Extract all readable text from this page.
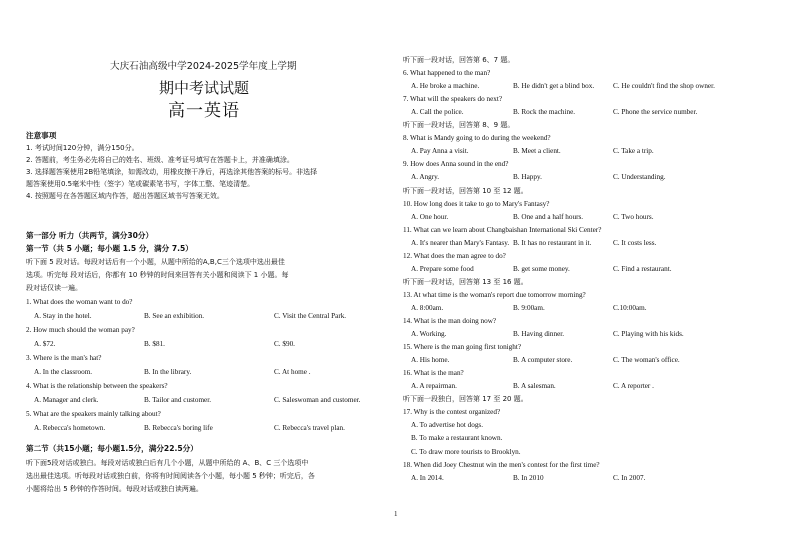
大庆石油高级中学2024-2025学年度上学期
期中考试试题
高一英语
注意事项
1. 考试时间120分钟，满分150分。
2. 答题前，考生务必先将自己的姓名、班级、准考证号填写在答题卡上，并准确填涂。
3. 选择题答案使用2B铅笔填涂，如需改动，用橡皮擦干净后，再选涂其他答案的标号。非选择
题答案使用0.5毫米中性（签字）笔或碳素笔书写，字体工整、笔迹清楚。
4. 按照题号在各答题区域内作答，超出答题区域书写答案无效。
第一部分 听力（共两节，满分30分）
第一节（共 5 小题；每小题 1.5 分，满分 7.5）
听下面 5 段对话。每段对话后有一个小题，从题中所给的A,B,C三个选项中选出最佳
选项。听完每 段对话后，你都有 10 秒钟的时间来回答有关小题和阅读下 1 小题。每
段对话仅读一遍。
1. What does the woman want to do?
A. Stay in the hotel.	B. See an exhibition.	C. Visit the Central Park.
2. How much should the woman pay?
A. $72.	B. $81.	C. $90.
3. Where is the man's hat?
A. In the classroom.	B. In the library.	C. At home .
4. What is the relationship between the speakers?
A. Manager and clerk.	B. Tailor and customer.	C. Saleswoman and customer.
5. What are the speakers mainly talking about?
A. Rebecca's hometown.	B. Rebecca's boring life	C. Rebecca's travel plan.
第二节（共15小题；每小题1.5分，满分22.5分）
听下面5段对话或独白。每段对话或独白后有几个小题，从题中所给的 A、B、C 三个选项中
选出最佳选项。听每段对话或独白前，你将有时间阅读各个小题，每小题 5 秒钟；听完后，各
小题将给出 5 秒钟的作答时间。每段对话或独白读两遍。
听下面一段对话，回答第 6、7 题。
6. What happened to the man?
A. He broke a machine.	B. He didn't get a blind box.	C. He couldn't find the shop owner.
7. What will the speakers do next?
A. Call the police.	B. Rock the machine.	C. Phone the service number.
听下面一段对话，回答第 8、9 题。
8. What is Mandy going to do during the weekend?
A. Pay Anna a visit.	B. Meet a client.	C. Take a trip.
9. How does Anna sound in the end?
A. Angry.	B. Happy.	C. Understanding.
听下面一段对话，回答第 10 至 12 题。
10. How long does it take to go to Mary's Fantasy?
A. One hour.	B. One and a half hours.	C. Two hours.
11. What can we learn about Changbaishan International Ski Center?
A. It's nearer than Mary's Fantasy. B. It has no restaurant in it.	C. It costs less.
12. What does the man agree to do?
A. Prepare some food	B. get some money.	C. Find a restaurant.
听下面一段对话，回答第 13 至 16 题。
13. At what time is the woman's report due tomorrow morning?
A. 8:00am.	B. 9:00am.	C.10:00am.
14. What is the man doing now?
A. Working.	B. Having dinner.	C. Playing with his kids.
15. Where is the man going first tonight?
A. His home.	B. A computer store.	C. The woman's office.
16. What is the man?
A. A repairman.	B. A salesman.	C. A reporter .
听下面一段独白，回答第 17 至 20 题。
17. Why is the contest organized?
A. To advertise hot dogs.
B. To make a restaurant known.
C. To draw more tourists to Brooklyn.
18. When did Joey Chestnut win the men's contest for the first time?
A. In 2014.	B. In 2010	C. In 2007.
1
